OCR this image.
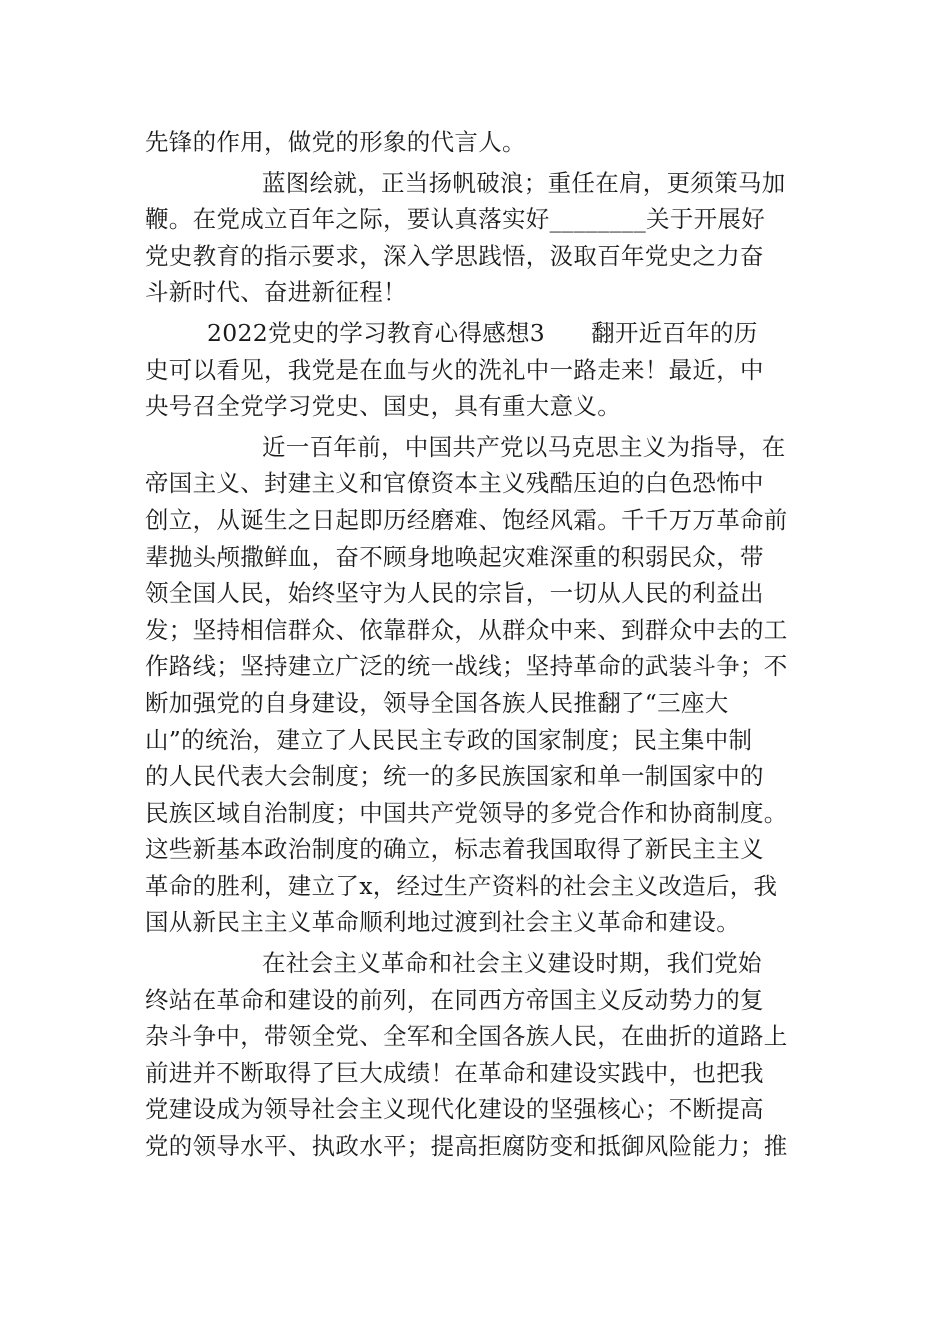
先锋的作用，做党的形象的代言人。
蓝图绘就，正当扬帆破浪；重任在肩，更须策马加
鞭。在党成立百年之际，要认真落实好________关于开展好
党史教育的指示要求，深入学思践悟，汲取百年党史之力奋
斗新时代、奋进新征程！
2022党史的学习教育心得感想3 翻开近百年的历
史可以看见，我党是在血与火的洗礼中一路走来！最近，中
央号召全党学习党史、国史，具有重大意义。
近一百年前，中国共产党以马克思主义为指导，在
帝国主义、封建主义和官僚资本主义残酷压迫的白色恐怖中
创立，从诞生之日起即历经磨难、饱经风霜。千千万万革命前
辈抛头颅撒鲜血，奋不顾身地唤起灾难深重的积弱民众，带
领全国人民，始终坚守为人民的宗旨，一切从人民的利益出
发；坚持相信群众、依靠群众，从群众中来、到群众中去的工
作路线；坚持建立广泛的统一战线；坚持革命的武装斗争；不
断加强党的自身建设，领导全国各族人民推翻了“三座大
山”的统治，建立了人民民主专政的国家制度；民主集中制
的人民代表大会制度；统一的多民族国家和单一制国家中的
民族区域自治制度；中国共产党领导的多党合作和协商制度。
这些新基本政治制度的确立，标志着我国取得了新民主主义
革命的胜利，建立了x，经过生产资料的社会主义改造后，我
国从新民主主义革命顺利地过渡到社会主义革命和建设。
在社会主义革命和社会主义建设时期，我们党始
终站在革命和建设的前列，在同西方帝国主义反动势力的复
杂斗争中，带领全党、全军和全国各族人民，在曲折的道路上
前进并不断取得了巨大成绩！在革命和建设实践中，也把我
党建设成为领导社会主义现代化建设的坚强核心；不断提高
党的领导水平、执政水平；提高拒腐防变和抵御风险能力；推
